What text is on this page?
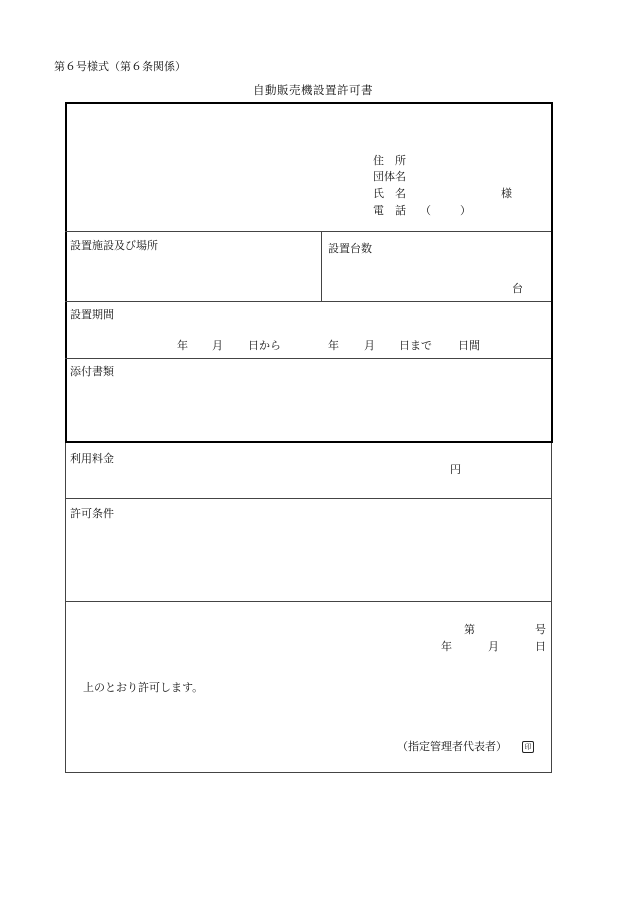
第６号様式（第６条関係）
自動販売機設置許可書
住　所
団体名
氏　名	様
電　話 （	）
設置施設及び場所	設置台数
台
設置期間
年 月 日から	年 月 日まで 日間
添付書類
利用料金
円
許可条件
第	号
年	月	日
上のとおり許可します。
（指定管理者代表者）	印
